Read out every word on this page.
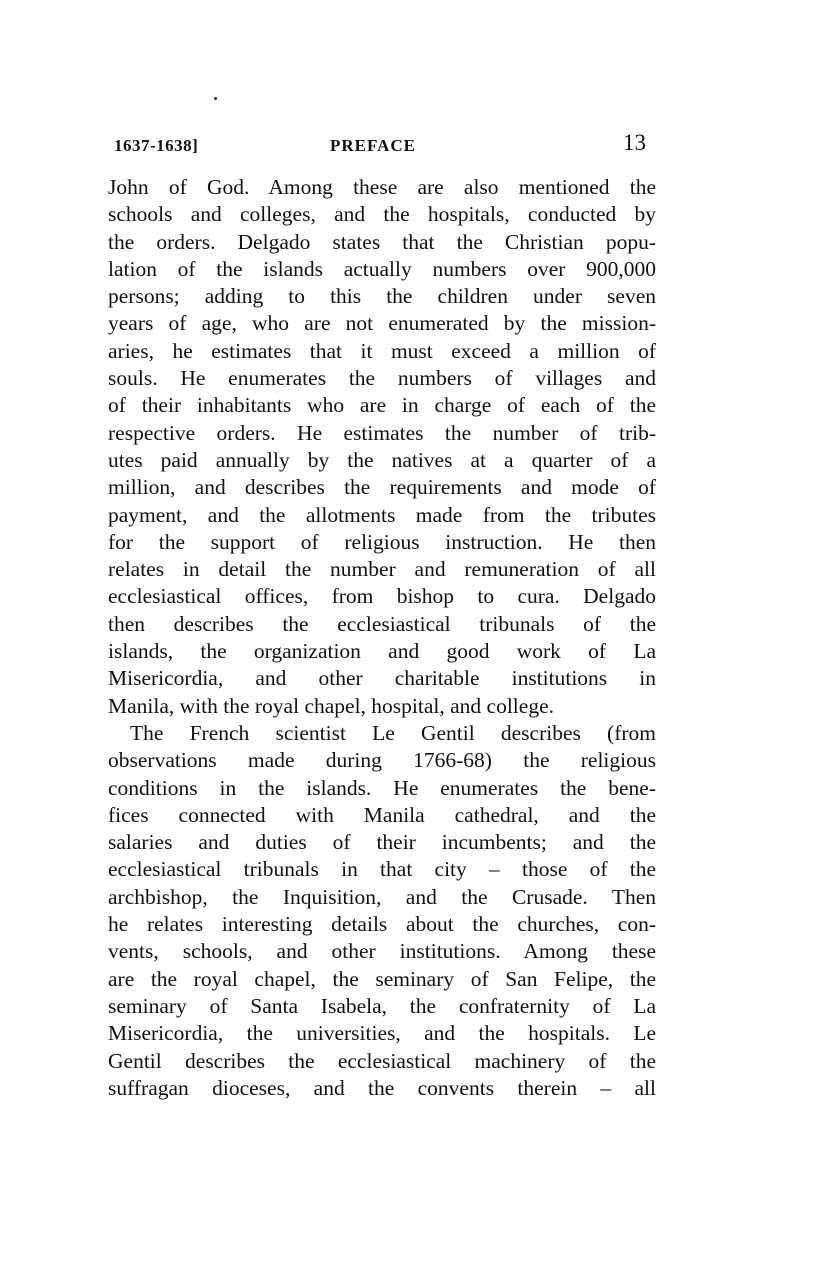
1637-1638]	PREFACE	13
John of God. Among these are also mentioned the
schools and colleges, and the hospitals, conducted by
the orders. Delgado states that the Christian popu-
lation of the islands actually numbers over 900,000
persons; adding to this the children under seven
years of age, who are not enumerated by the mission-
aries, he estimates that it must exceed a million of
souls. He enumerates the numbers of villages and
of their inhabitants who are in charge of each of the
respective orders. He estimates the number of trib-
utes paid annually by the natives at a quarter of a
million, and describes the requirements and mode of
payment, and the allotments made from the tributes
for the support of religious instruction. He then
relates in detail the number and remuneration of all
ecclesiastical offices, from bishop to cura. Delgado
then describes the ecclesiastical tribunals of the
islands, the organization and good work of La
Misericordia, and other charitable institutions in
Manila, with the royal chapel, hospital, and college.
The French scientist Le Gentil describes (from
observations made during 1766-68) the religious
conditions in the islands. He enumerates the bene-
fices connected with Manila cathedral, and the
salaries and duties of their incumbents; and the
ecclesiastical tribunals in that city – those of the
archbishop, the Inquisition, and the Crusade. Then
he relates interesting details about the churches, con-
vents, schools, and other institutions. Among these
are the royal chapel, the seminary of San Felipe, the
seminary of Santa Isabela, the confraternity of La
Misericordia, the universities, and the hospitals. Le
Gentil describes the ecclesiastical machinery of the
suffragan dioceses, and the convents therein – all
